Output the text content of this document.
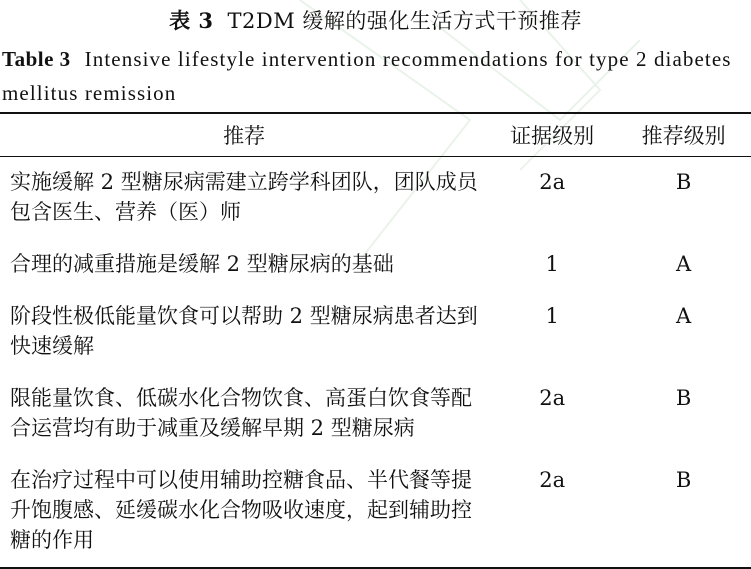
表 3 T2DM 缓解的强化生活方式干预推荐
Table 3 Intensive lifestyle intervention recommendations for type 2 diabetes mellitus remission
推荐	证据级别	推荐级别
实施缓解 2 型糖尿病需建立跨学科团队，团队成员包含医生、营养（医）师	2a	B
合理的减重措施是缓解 2 型糖尿病的基础	1	A
阶段性极低能量饮食可以帮助 2 型糖尿病患者达到快速缓解	1	A
限能量饮食、低碳水化合物饮食、高蛋白饮食等配合运营均有助于减重及缓解早期 2 型糖尿病	2a	B
在治疗过程中可以使用辅助控糖食品、半代餐等提升饱腹感、延缓碳水化合物吸收速度，起到辅助控糖的作用	2a	B
